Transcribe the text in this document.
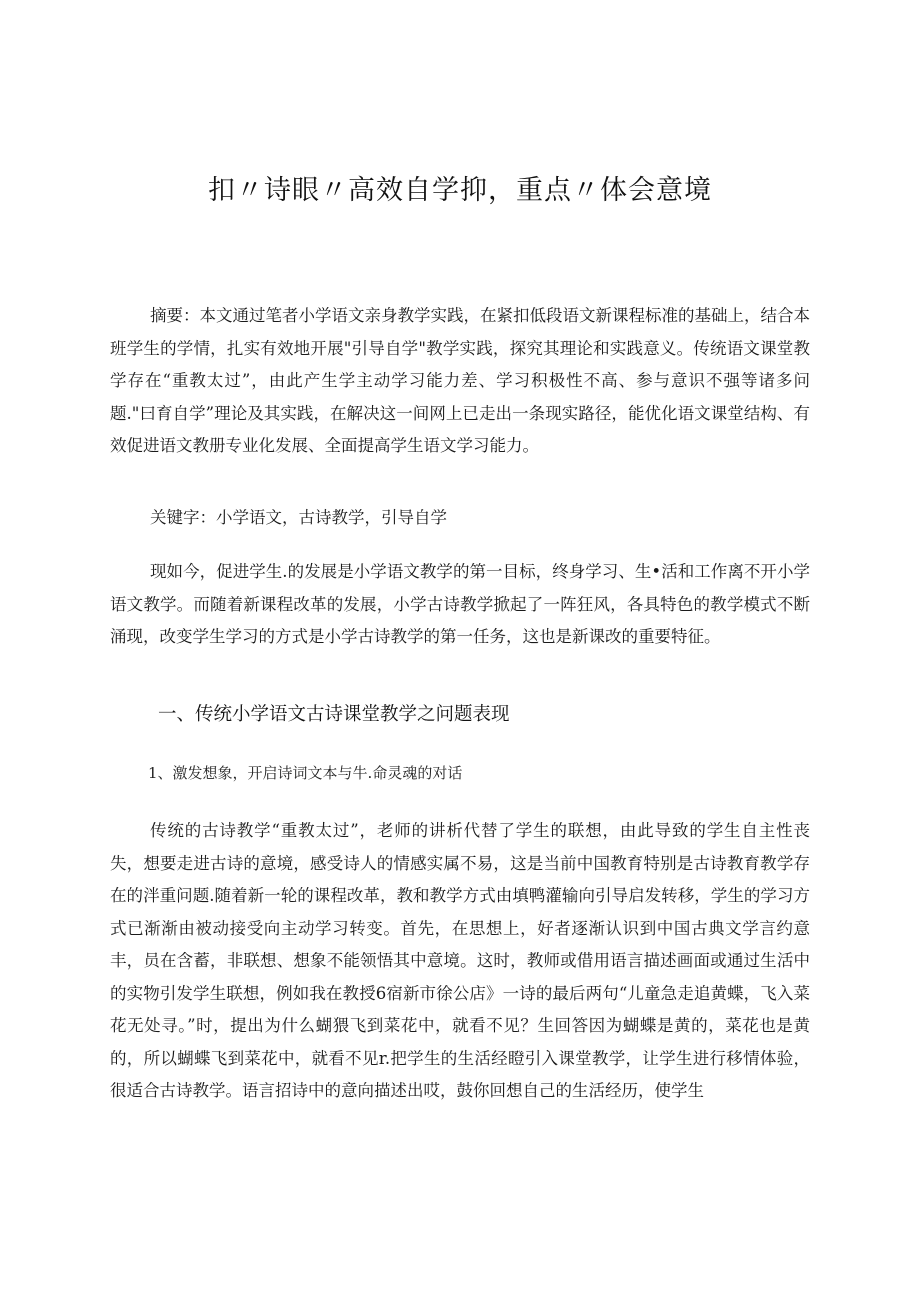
扣〃诗眼〃高效自学抑，重点〃体会意境

摘要：本文通过笔者小学语文亲身教学实践，在紧扣低段语文新课程标准的基础上，结合本班学生的学情，扎实有效地开展"引导自学"教学实践，探究其理论和实践意义。传统语文课堂教学存在“重教太过”，由此产生学主动学习能力差、学习积极性不高、参与意识不强等诸多问题."曰育自学”理论及其实践，在解决这一间网上已走出一条现实路径，能优化语文课堂结构、有效促进语文教册专业化发展、全面提高学生语文学习能力。

关键字：小学语文，古诗教学，引导自学

现如今，促进学生.的发展是小学语文教学的第一目标，终身学习、生•活和工作离不开小学语文教学。而随着新课程改革的发展，小学古诗教学掀起了一阵狂风，各具特色的教学模式不断涌现，改变学生学习的方式是小学古诗教学的第一任务，这也是新课改的重要特征。

一、传统小学语文古诗课堂教学之问题表现
1、激发想象，开启诗词文本与牛.命灵魂的对话

传统的古诗教学“重教太过”，老师的讲析代替了学生的联想，由此导致的学生自主性丧失，想要走进古诗的意境，感受诗人的情感实属不易，这是当前中国教育特别是古诗教育教学存在的泮重问题.随着新一轮的课程改革，教和教学方式由填鸭灌输向引导启发转移，学生的学习方式已渐渐由被动接受向主动学习转变。首先，在思想上，好者逐渐认识到中国古典文学言约意丰，员在含蓄，非联想、想象不能领悟其中意境。这时，教师或借用语言描述画面或通过生活中的实物引发学生联想，例如我在教授6宿新市徐公店》一诗的最后两句“儿童急走追黄蝶，飞入菜花无处寻。”时，提出为什么蝴猥飞到菜花中，就看不见？生回答因为蝴蝶是黄的，菜花也是黄的，所以蝴蝶飞到菜花中，就看不见r.把学生的生活经瞪引入课堂教学，让学生进行移情体验，很适合古诗教学。语言招诗中的意向描述出哎，鼓你回想自己的生活经历，使学生
